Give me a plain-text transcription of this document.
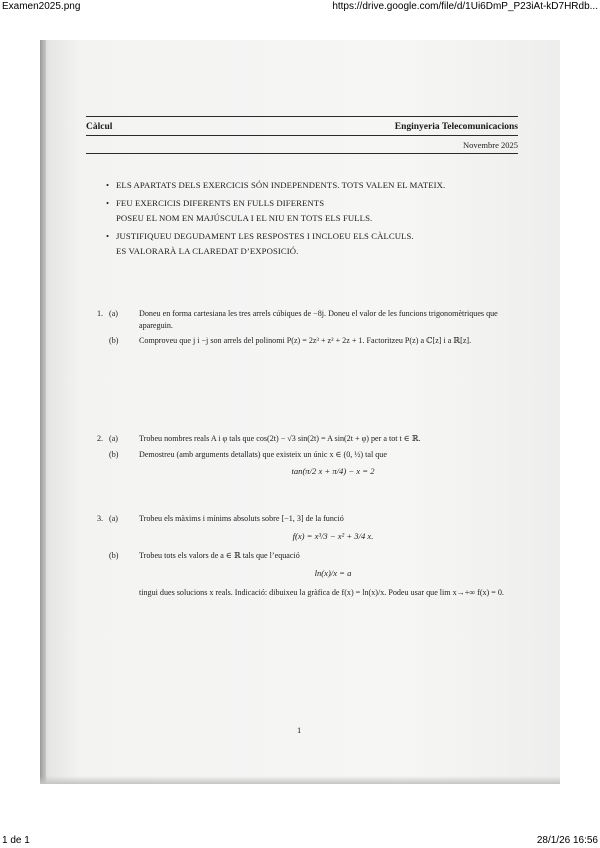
Examen2025.png	https://drive.google.com/file/d/1Ui6DmP_P23iAt-kD7HRdb...
Càlcul	Enginyeria Telecomunicacions
Novembre 2025
• ELS APARTATS DELS EXERCICIS SÓN INDEPENDENTS. TOTS VALEN EL MATEIX.
• FEU EXERCICIS DIFERENTS EN FULLS DIFERENTS
POSEU EL NOM EN MAJÚSCULA I EL NIU EN TOTS ELS FULLS.
• JUSTIFIQUEU DEGUDAMENT LES RESPOSTES I INCLOEU ELS CÀLCULS.
ES VALORARÀ LA CLAREDAT D’EXPOSICIÓ.
1. (a)	Doneu en forma cartesiana les tres arrels cúbiques de −8j. Doneu el valor de les funcions trigonomètriques que apareguin.
(b)	Comproveu que j i −j son arrels del polinomi P(z) = 2z³ + z² + 2z + 1. Factoritzeu P(z) a ℂ[z] i a ℝ[z].
2. (a)	Trobeu nombres reals A i φ tals que cos(2t) − √3 sin(2t) = A sin(2t + φ) per a tot t ∈ ℝ.
(b)	Demostreu (amb arguments detallats) que existeix un únic x ∈ (0, ½) tal que
tan(π/2 x + π/4) − x = 2
3. (a)	Trobeu els màxims i mínims absoluts sobre [−1, 3] de la funció
f(x) = x³/3 − x² + 3/4 x.
(b)	Trobeu tots els valors de a ∈ ℝ tals que l’equació
ln(x)/x = a
tingui dues solucions x reals. Indicació: dibuixeu la gràfica de f(x) = ln(x)/x. Podeu usar que lim x→+∞ f(x) = 0.
1
1 de 1	28/1/26 16:56
